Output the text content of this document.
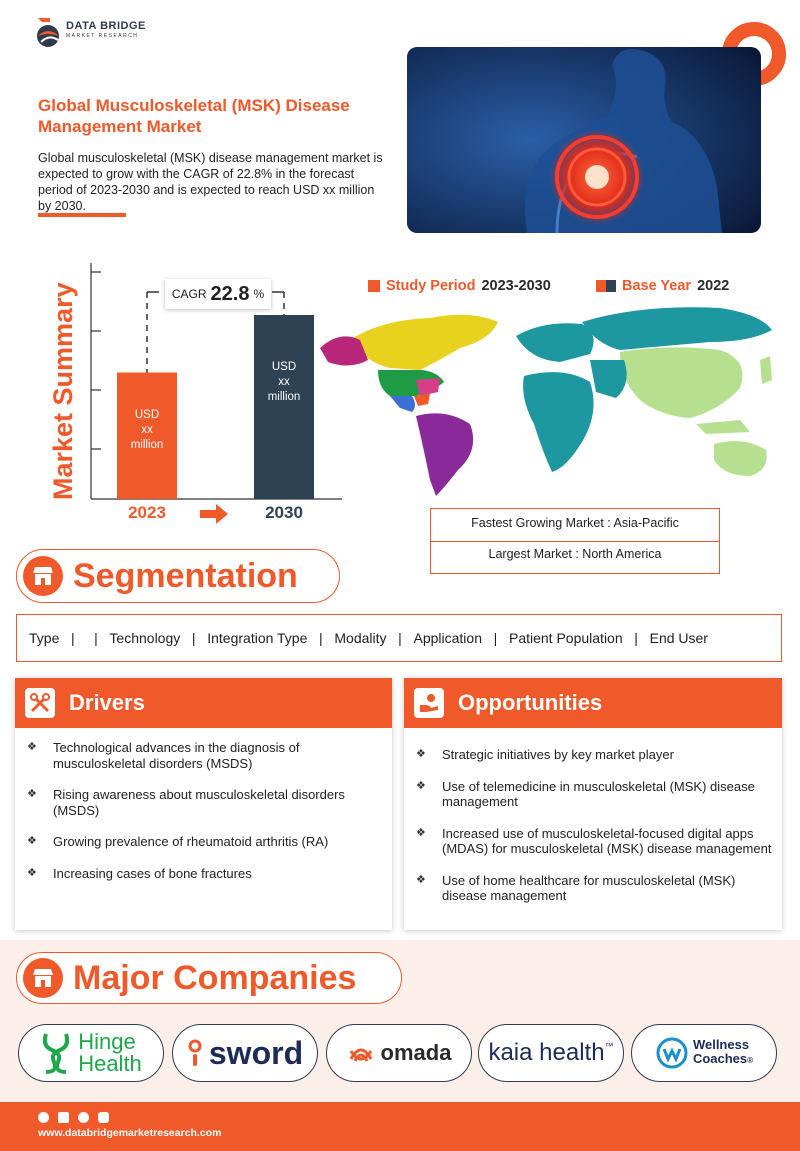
DATA BRIDGE
MARKET RESEARCH
Global Musculoskeletal (MSK) Disease Management Market
Global musculoskeletal (MSK) disease management market is expected to grow with the CAGR of 22.8% in the forecast period of 2023-2030 and is expected to reach USD xx million by 2030.
Market Summary	CAGR 22.8 %
USD
xx
million
2023
USD
xx
million
2030
Study Period 2023-2030	Base Year 2022
Fastest Growing Market : Asia-Pacific
Largest Market : North America
Segmentation
Type |     | Technology | Integration Type | Modality | Application | Patient Population | End User
Drivers
❖ Technological advances in the diagnosis of musculoskeletal disorders (MSDS)
❖ Rising awareness about musculoskeletal disorders (MSDS)
❖ Growing prevalence of rheumatoid arthritis (RA)
❖ Increasing cases of bone fractures
Opportunities
❖ Strategic initiatives by key market player
❖ Use of telemedicine in musculoskeletal (MSK) disease management
❖ Increased use of musculoskeletal-focused digital apps (MDAS) for musculoskeletal (MSK) disease management
❖ Use of home healthcare for musculoskeletal (MSK) disease management
Major Companies
Hinge
Health sword	omada kaia health ™	Wellness
Coaches®
www.databridgemarketresearch.com
